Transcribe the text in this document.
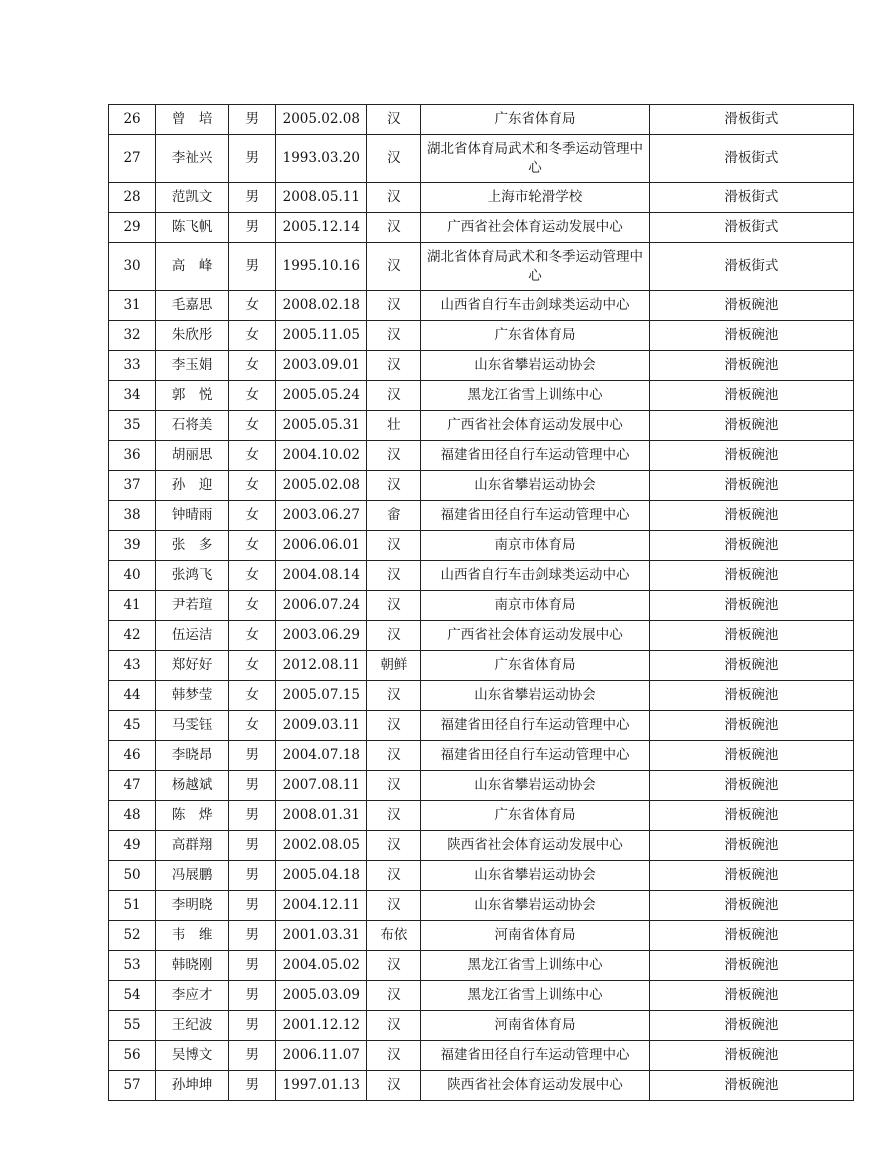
26	曾　培	男	2005.02.08	汉	广东省体育局	滑板街式
27	李祉兴	男	1993.03.20	汉	湖北省体育局武术和冬季运动管理中心	滑板街式
28	范凯文	男	2008.05.11	汉	上海市轮滑学校	滑板街式
29	陈飞帆	男	2005.12.14	汉	广西省社会体育运动发展中心	滑板街式
30	高　峰	男	1995.10.16	汉	湖北省体育局武术和冬季运动管理中心	滑板街式
31	毛嘉思	女	2008.02.18	汉	山西省自行车击剑球类运动中心	滑板碗池
32	朱欣彤	女	2005.11.05	汉	广东省体育局	滑板碗池
33	李玉娟	女	2003.09.01	汉	山东省攀岩运动协会	滑板碗池
34	郭　悦	女	2005.05.24	汉	黑龙江省雪上训练中心	滑板碗池
35	石将美	女	2005.05.31	壮	广西省社会体育运动发展中心	滑板碗池
36	胡丽思	女	2004.10.02	汉	福建省田径自行车运动管理中心	滑板碗池
37	孙　迎	女	2005.02.08	汉	山东省攀岩运动协会	滑板碗池
38	钟晴雨	女	2003.06.27	畲	福建省田径自行车运动管理中心	滑板碗池
39	张　多	女	2006.06.01	汉	南京市体育局	滑板碗池
40	张鸿飞	女	2004.08.14	汉	山西省自行车击剑球类运动中心	滑板碗池
41	尹若瑄	女	2006.07.24	汉	南京市体育局	滑板碗池
42	伍运洁	女	2003.06.29	汉	广西省社会体育运动发展中心	滑板碗池
43	郑好好	女	2012.08.11	朝鲜	广东省体育局	滑板碗池
44	韩梦莹	女	2005.07.15	汉	山东省攀岩运动协会	滑板碗池
45	马雯钰	女	2009.03.11	汉	福建省田径自行车运动管理中心	滑板碗池
46	李晓昂	男	2004.07.18	汉	福建省田径自行车运动管理中心	滑板碗池
47	杨越斌	男	2007.08.11	汉	山东省攀岩运动协会	滑板碗池
48	陈　烨	男	2008.01.31	汉	广东省体育局	滑板碗池
49	高群翔	男	2002.08.05	汉	陕西省社会体育运动发展中心	滑板碗池
50	冯展鹏	男	2005.04.18	汉	山东省攀岩运动协会	滑板碗池
51	李明晓	男	2004.12.11	汉	山东省攀岩运动协会	滑板碗池
52	韦　维	男	2001.03.31	布依	河南省体育局	滑板碗池
53	韩晓刚	男	2004.05.02	汉	黑龙江省雪上训练中心	滑板碗池
54	李应才	男	2005.03.09	汉	黑龙江省雪上训练中心	滑板碗池
55	王纪波	男	2001.12.12	汉	河南省体育局	滑板碗池
56	吴博文	男	2006.11.07	汉	福建省田径自行车运动管理中心	滑板碗池
57	孙坤坤	男	1997.01.13	汉	陕西省社会体育运动发展中心	滑板碗池
